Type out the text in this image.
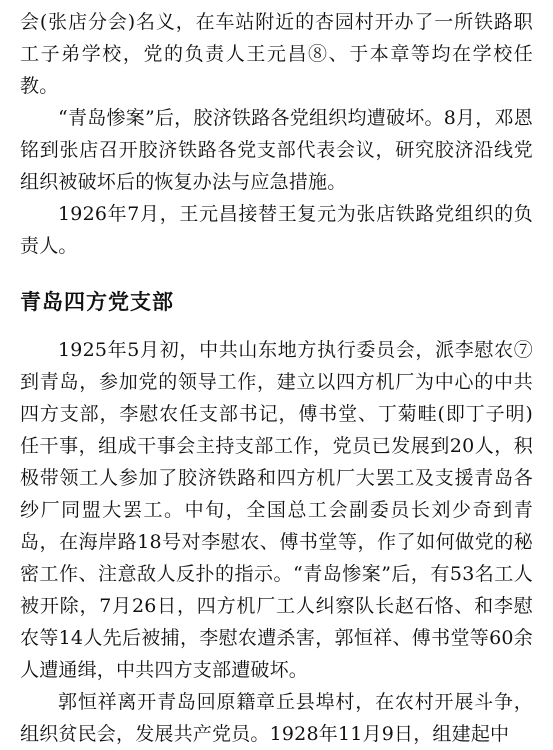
会(张店分会)名义，在车站附近的杏园村开办了一所铁路职工子弟学校，党的负责人王元昌⑧、于本章等均在学校任教。

“青岛惨案”后，胶济铁路各党组织均遭破坏。8月，邓恩铭到张店召开胶济铁路各党支部代表会议，研究胶济沿线党组织被破坏后的恢复办法与应急措施。

1926年7月，王元昌接替王复元为张店铁路党组织的负责人。

青岛四方党支部

1925年5月初，中共山东地方执行委员会，派李慰农⑦到青岛，参加党的领导工作，建立以四方机厂为中心的中共四方支部，李慰农任支部书记，傅书堂、丁菊畦(即丁子明)任干事，组成干事会主持支部工作，党员已发展到20人，积极带领工人参加了胶济铁路和四方机厂大罢工及支援青岛各纱厂同盟大罢工。中旬，全国总工会副委员长刘少奇到青岛，在海岸路18号对李慰农、傅书堂等，作了如何做党的秘密工作、注意敌人反扑的指示。“青岛惨案”后，有53名工人被开除，7月26日，四方机厂工人纠察队长赵石恪、和李慰农等14人先后被捕，李慰农遭杀害，郭恒祥、傅书堂等60余人遭通缉，中共四方支部遭破坏。

郭恒祥离开青岛回原籍章丘县埠村，在农村开展斗争，组织贫民会，发展共产党员。1928年11月9日，组建起中
